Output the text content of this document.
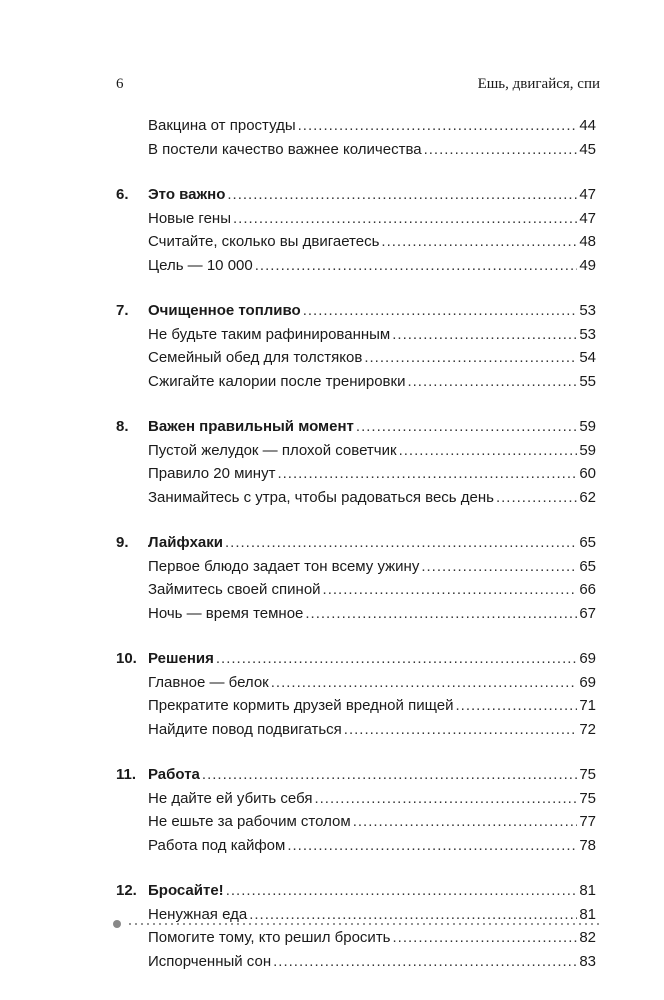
6	Ешь, двигайся, спи
Вакцина от простуды .....	44
В постели качество важнее количества .....	45
6.	Это важно .....	47
Новые гены .....	47
Считайте, сколько вы двигаетесь .....	48
Цель — 10 000 .....	49
7.	Очищенное топливо .....	53
Не будьте таким рафинированным .....	53
Семейный обед для толстяков .....	54
Сжигайте калории после тренировки .....	55
8.	Важен правильный момент .....	59
Пустой желудок — плохой советчик .....	59
Правило 20 минут .....	60
Занимайтесь с утра, чтобы радоваться весь день .....	62
9.	Лайфхаки .....	65
Первое блюдо задает тон всему ужину .....	65
Займитесь своей спиной .....	66
Ночь — время темное .....	67
10. Решения .....	69
Главное — белок .....	69
Прекратите кормить друзей вредной пищей .....	71
Найдите повод подвигаться .....	72
11. Работа .....	75
Не дайте ей убить себя .....	75
Не ешьте за рабочим столом .....	77
Работа под кайфом .....	78
12. Бросайте! .....	81
Ненужная еда .....	81
Помогите тому, кто решил бросить .....	82
Испорченный сон .....	83
